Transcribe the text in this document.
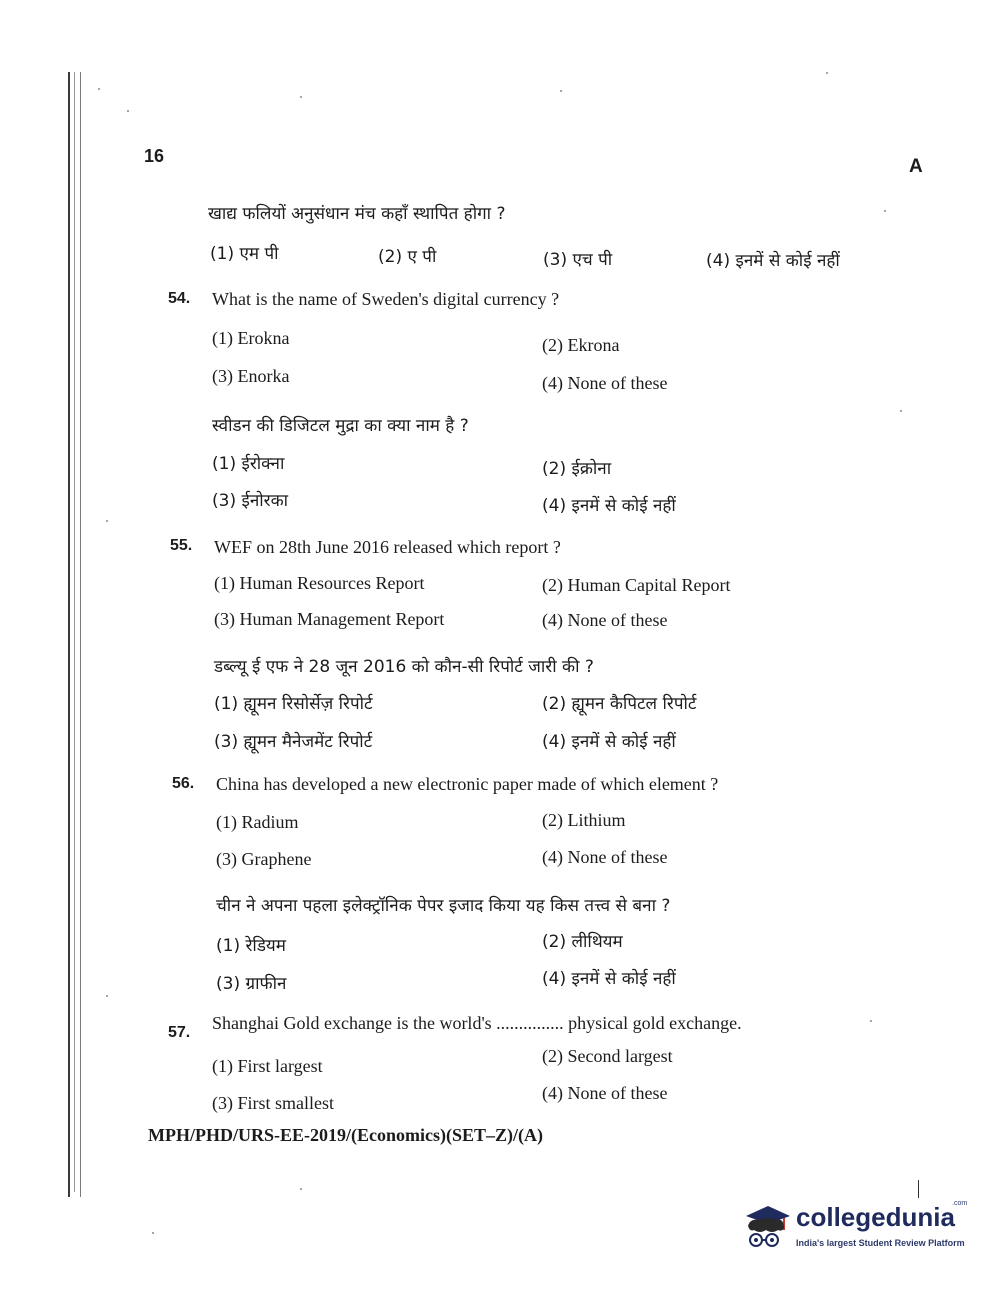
16	A
खाद्य फलियों अनुसंधान मंच कहाँ स्थापित होगा ?
(1) एम पी	(2) ए पी	(3) एच पी	(4) इनमें से कोई नहीं
54. What is the name of Sweden's digital currency ?
(1) Erokna	(2) Ekrona
(3) Enorka	(4) None of these
स्वीडन की डिजिटल मुद्रा का क्या नाम है ?
(1) ईरोक्ना	(2) ईक्रोना
(3) ईनोरका	(4) इनमें से कोई नहीं
55. WEF on 28th June 2016 released which report ?
(1) Human Resources Report	(2) Human Capital Report
(3) Human Management Report	(4) None of these
डब्ल्यू ई एफ ने 28 जून 2016 को कौन-सी रिपोर्ट जारी की ?
(1) ह्यूमन रिसोर्सेज़ रिपोर्ट	(2) ह्यूमन कैपिटल रिपोर्ट
(3) ह्यूमन मैनेजमेंट रिपोर्ट	(4) इनमें से कोई नहीं
56. China has developed a new electronic paper made of which element ?
(1) Radium	(2) Lithium
(3) Graphene	(4) None of these
चीन ने अपना पहला इलेक्ट्रॉनिक पेपर इजाद किया यह किस तत्त्व से बना ?
(1) रेडियम	(2) लीथियम
(3) ग्राफीन	(4) इनमें से कोई नहीं
57. Shanghai Gold exchange is the world's ............... physical gold exchange.
(1) First largest	(2) Second largest
(3) First smallest	(4) None of these
MPH/PHD/URS-EE-2019/(Economics)(SET–Z)/(A)
collegedunia
.com
India's largest Student Review Platform
